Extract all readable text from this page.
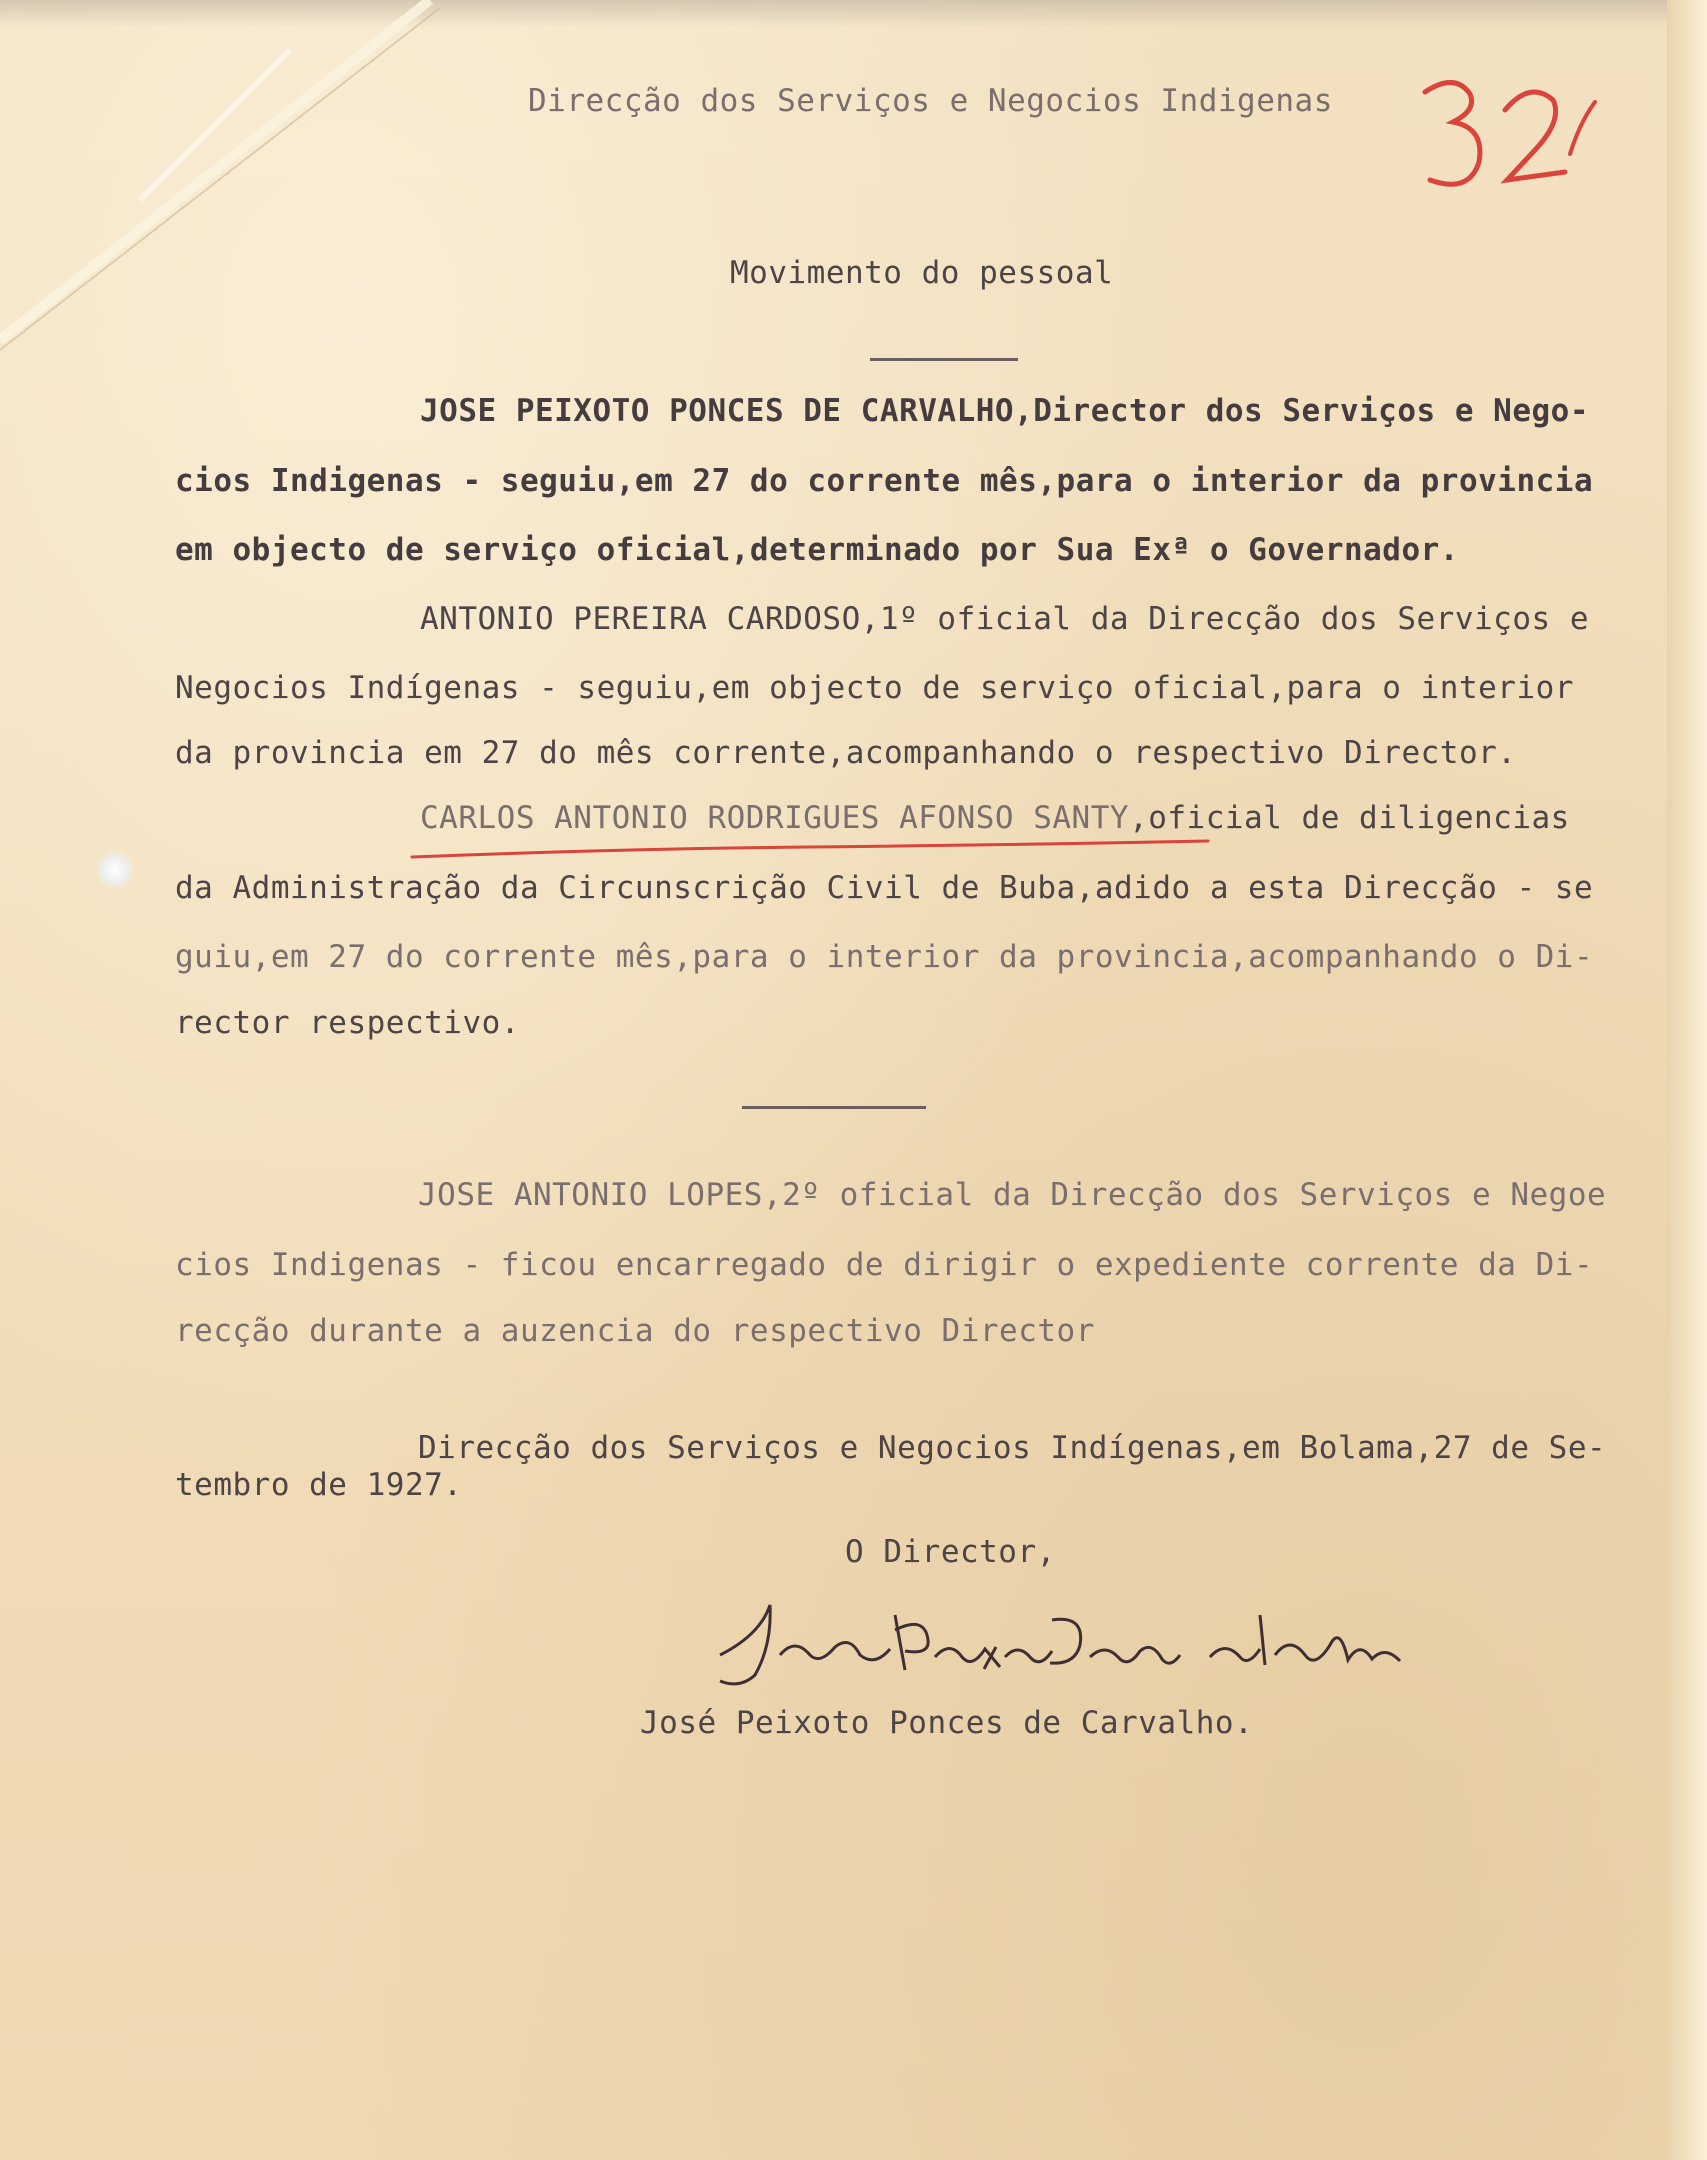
Direcção dos Serviços e Negocios Indigenas

Movimento do pessoal

JOSE PEIXOTO PONCES DE CARVALHO,Director dos Serviços e Nego-

cios Indigenas - seguiu,em 27 do corrente mês,para o interior da provincia

em objecto de serviço oficial,determinado por Sua Exª o Governador.

ANTONIO PEREIRA CARDOSO,1º oficial da Direcção dos Serviços e

Negocios Indígenas - seguiu,em objecto de serviço oficial,para o interior

da provincia em 27 do mês corrente,acompanhando o respectivo Director.

CARLOS ANTONIO RODRIGUES AFONSO SANTY,oficial de diligencias

da Administração da Circunscrição Civil de Buba,adido a esta Direcção - se

guiu,em 27 do corrente mês,para o interior da provincia,acompanhando o Di-

rector respectivo.

JOSE ANTONIO LOPES,2º oficial da Direcção dos Serviços e Negoe

cios Indigenas - ficou encarregado de dirigir o expediente corrente da Di-

recção durante a auzencia do respectivo Director

Direcção dos Serviços e Negocios Indígenas,em Bolama,27 de Se-

tembro de 1927.

O Director,

José Peixoto Ponces de Carvalho.
